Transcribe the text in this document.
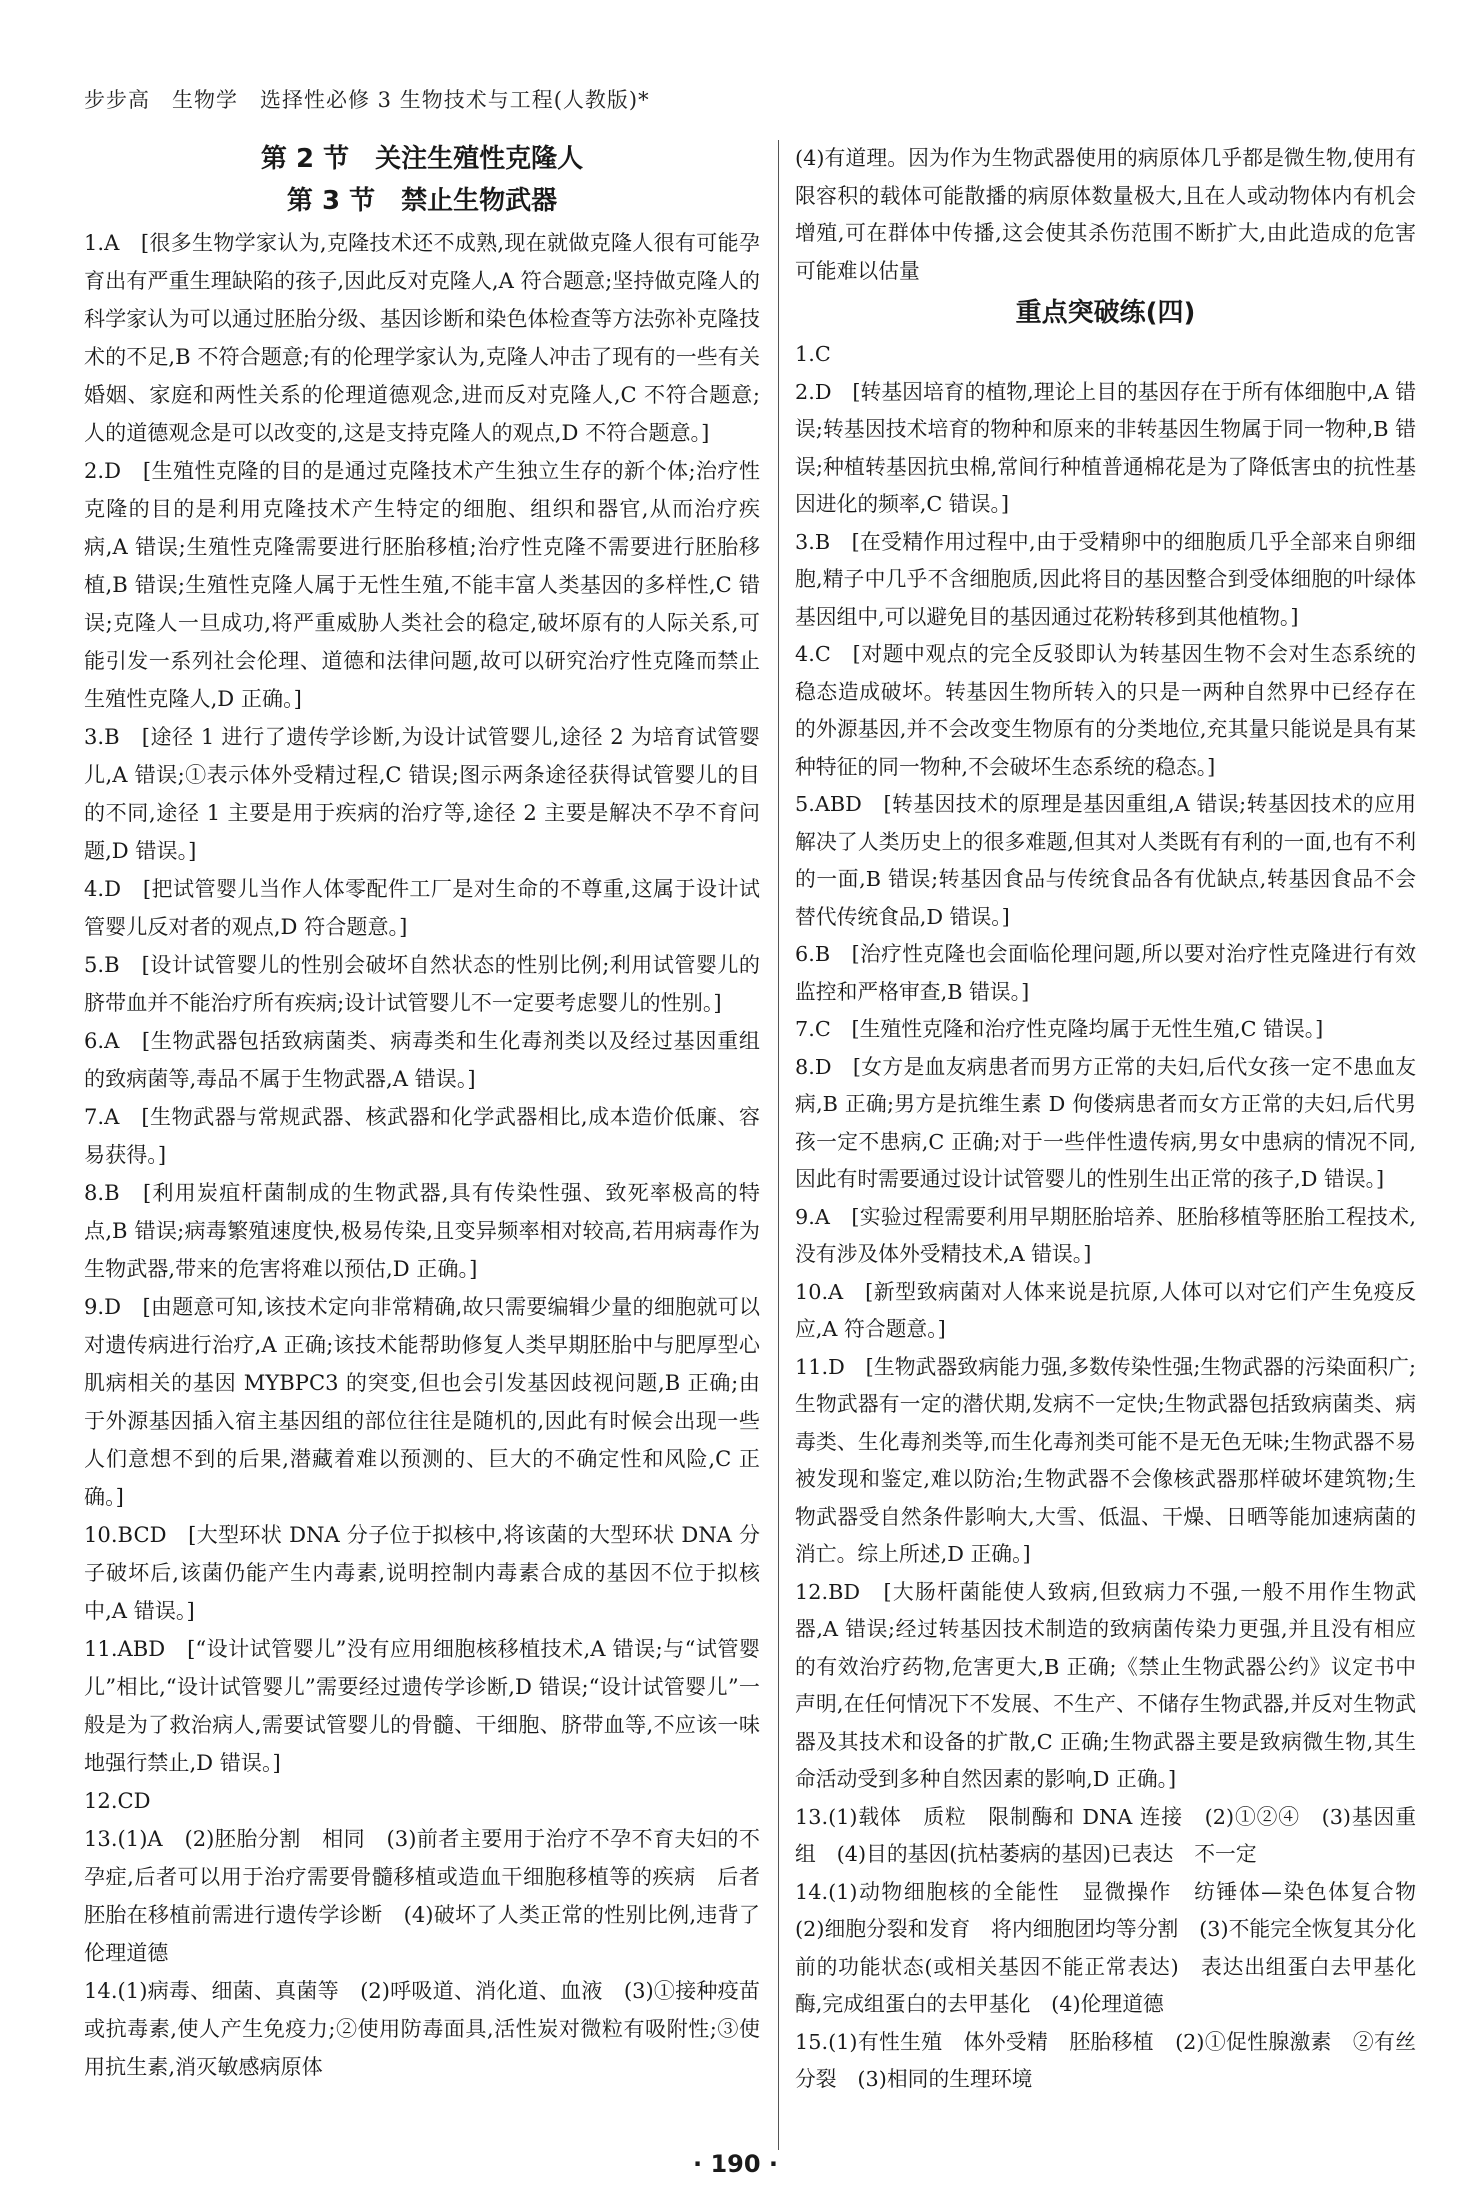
步步高　生物学　选择性必修 3 生物技术与工程(人教版)*
第 2 节　关注生殖性克隆人
第 3 节　禁止生物武器

1.A　[很多生物学家认为,克隆技术还不成熟,现在就做克隆人很有可能孕育出有严重生理缺陷的孩子,因此反对克隆人,A 符合题意;坚持做克隆人的科学家认为可以通过胚胎分级、基因诊断和染色体检查等方法弥补克隆技术的不足,B 不符合题意;有的伦理学家认为,克隆人冲击了现有的一些有关婚姻、家庭和两性关系的伦理道德观念,进而反对克隆人,C 不符合题意;人的道德观念是可以改变的,这是支持克隆人的观点,D 不符合题意。]

2.D　[生殖性克隆的目的是通过克隆技术产生独立生存的新个体;治疗性克隆的目的是利用克隆技术产生特定的细胞、组织和器官,从而治疗疾病,A 错误;生殖性克隆需要进行胚胎移植;治疗性克隆不需要进行胚胎移植,B 错误;生殖性克隆人属于无性生殖,不能丰富人类基因的多样性,C 错误;克隆人一旦成功,将严重威胁人类社会的稳定,破坏原有的人际关系,可能引发一系列社会伦理、道德和法律问题,故可以研究治疗性克隆而禁止生殖性克隆人,D 正确。]

3.B　[途径 1 进行了遗传学诊断,为设计试管婴儿,途径 2 为培育试管婴儿,A 错误;①表示体外受精过程,C 错误;图示两条途径获得试管婴儿的目的不同,途径 1 主要是用于疾病的治疗等,途径 2 主要是解决不孕不育问题,D 错误。]

4.D　[把试管婴儿当作人体零配件工厂是对生命的不尊重,这属于设计试管婴儿反对者的观点,D 符合题意。]

5.B　[设计试管婴儿的性别会破坏自然状态的性别比例;利用试管婴儿的脐带血并不能治疗所有疾病;设计试管婴儿不一定要考虑婴儿的性别。]

6.A　[生物武器包括致病菌类、病毒类和生化毒剂类以及经过基因重组的致病菌等,毒品不属于生物武器,A 错误。]

7.A　[生物武器与常规武器、核武器和化学武器相比,成本造价低廉、容易获得。]

8.B　[利用炭疽杆菌制成的生物武器,具有传染性强、致死率极高的特点,B 错误;病毒繁殖速度快,极易传染,且变异频率相对较高,若用病毒作为生物武器,带来的危害将难以预估,D 正确。]

9.D　[由题意可知,该技术定向非常精确,故只需要编辑少量的细胞就可以对遗传病进行治疗,A 正确;该技术能帮助修复人类早期胚胎中与肥厚型心肌病相关的基因 MYBPC3 的突变,但也会引发基因歧视问题,B 正确;由于外源基因插入宿主基因组的部位往往是随机的,因此有时候会出现一些人们意想不到的后果,潜藏着难以预测的、巨大的不确定性和风险,C 正确。]

10.BCD　[大型环状 DNA 分子位于拟核中,将该菌的大型环状 DNA 分子破坏后,该菌仍能产生内毒素,说明控制内毒素合成的基因不位于拟核中,A 错误。]

11.ABD　[“设计试管婴儿”没有应用细胞核移植技术,A 错误;与“试管婴儿”相比,“设计试管婴儿”需要经过遗传学诊断,D 错误;“设计试管婴儿”一般是为了救治病人,需要试管婴儿的骨髓、干细胞、脐带血等,不应该一味地强行禁止,D 错误。]

12.CD

13.(1)A　(2)胚胎分割　相同　(3)前者主要用于治疗不孕不育夫妇的不孕症,后者可以用于治疗需要骨髓移植或造血干细胞移植等的疾病　后者胚胎在移植前需进行遗传学诊断　(4)破坏了人类正常的性别比例,违背了伦理道德

14.(1)病毒、细菌、真菌等　(2)呼吸道、消化道、血液　(3)①接种疫苗或抗毒素,使人产生免疫力;②使用防毒面具,活性炭对微粒有吸附性;③使用抗生素,消灭敏感病原体

(4)有道理。因为作为生物武器使用的病原体几乎都是微生物,使用有限容积的载体可能散播的病原体数量极大,且在人或动物体内有机会增殖,可在群体中传播,这会使其杀伤范围不断扩大,由此造成的危害可能难以估量

重点突破练(四)

1.C

2.D　[转基因培育的植物,理论上目的基因存在于所有体细胞中,A 错误;转基因技术培育的物种和原来的非转基因生物属于同一物种,B 错误;种植转基因抗虫棉,常间行种植普通棉花是为了降低害虫的抗性基因进化的频率,C 错误。]

3.B　[在受精作用过程中,由于受精卵中的细胞质几乎全部来自卵细胞,精子中几乎不含细胞质,因此将目的基因整合到受体细胞的叶绿体基因组中,可以避免目的基因通过花粉转移到其他植物。]

4.C　[对题中观点的完全反驳即认为转基因生物不会对生态系统的稳态造成破坏。转基因生物所转入的只是一两种自然界中已经存在的外源基因,并不会改变生物原有的分类地位,充其量只能说是具有某种特征的同一物种,不会破坏生态系统的稳态。]

5.ABD　[转基因技术的原理是基因重组,A 错误;转基因技术的应用解决了人类历史上的很多难题,但其对人类既有有利的一面,也有不利的一面,B 错误;转基因食品与传统食品各有优缺点,转基因食品不会替代传统食品,D 错误。]

6.B　[治疗性克隆也会面临伦理问题,所以要对治疗性克隆进行有效监控和严格审查,B 错误。]

7.C　[生殖性克隆和治疗性克隆均属于无性生殖,C 错误。]

8.D　[女方是血友病患者而男方正常的夫妇,后代女孩一定不患血友病,B 正确;男方是抗维生素 D 佝偻病患者而女方正常的夫妇,后代男孩一定不患病,C 正确;对于一些伴性遗传病,男女中患病的情况不同,因此有时需要通过设计试管婴儿的性别生出正常的孩子,D 错误。]

9.A　[实验过程需要利用早期胚胎培养、胚胎移植等胚胎工程技术,没有涉及体外受精技术,A 错误。]

10.A　[新型致病菌对人体来说是抗原,人体可以对它们产生免疫反应,A 符合题意。]

11.D　[生物武器致病能力强,多数传染性强;生物武器的污染面积广;生物武器有一定的潜伏期,发病不一定快;生物武器包括致病菌类、病毒类、生化毒剂类等,而生化毒剂类可能不是无色无味;生物武器不易被发现和鉴定,难以防治;生物武器不会像核武器那样破坏建筑物;生物武器受自然条件影响大,大雪、低温、干燥、日晒等能加速病菌的消亡。综上所述,D 正确。]

12.BD　[大肠杆菌能使人致病,但致病力不强,一般不用作生物武器,A 错误;经过转基因技术制造的致病菌传染力更强,并且没有相应的有效治疗药物,危害更大,B 正确;《禁止生物武器公约》议定书中声明,在任何情况下不发展、不生产、不储存生物武器,并反对生物武器及其技术和设备的扩散,C 正确;生物武器主要是致病微生物,其生命活动受到多种自然因素的影响,D 正确。]

13.(1)载体　质粒　限制酶和 DNA 连接　(2)①②④　(3)基因重组　(4)目的基因(抗枯萎病的基因)已表达　不一定

14.(1)动物细胞核的全能性　显微操作　纺锤体—染色体复合物　(2)细胞分裂和发育　将内细胞团均等分割　(3)不能完全恢复其分化前的功能状态(或相关基因不能正常表达)　表达出组蛋白去甲基化酶,完成组蛋白的去甲基化　(4)伦理道德

15.(1)有性生殖　体外受精　胚胎移植　(2)①促性腺激素　②有丝分裂　(3)相同的生理环境

· 190 ·
